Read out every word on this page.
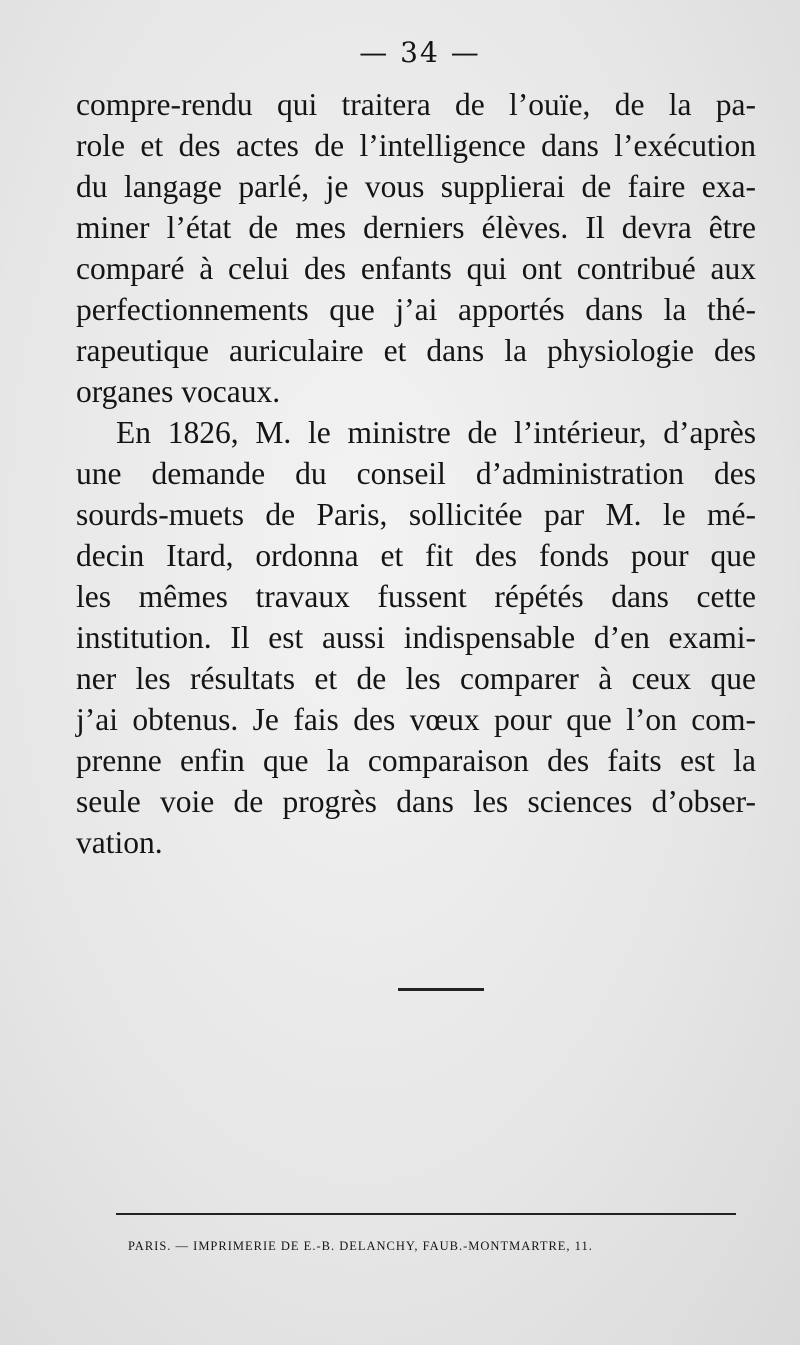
— 34 —
compre-rendu qui traitera de l’ouïe, de la pa-
role et des actes de l’intelligence dans l’exécution
du langage parlé, je vous supplierai de faire exa-
miner l’état de mes derniers élèves. Il devra être
comparé à celui des enfants qui ont contribué aux
perfectionnements que j’ai apportés dans la thé-
rapeutique auriculaire et dans la physiologie des
organes vocaux.
En 1826, M. le ministre de l’intérieur, d’après
une demande du conseil d’administration des
sourds-muets de Paris, sollicitée par M. le mé-
decin Itard, ordonna et fit des fonds pour que
les mêmes travaux fussent répétés dans cette
institution. Il est aussi indispensable d’en exami-
ner les résultats et de les comparer à ceux que
j’ai obtenus. Je fais des vœux pour que l’on com-
prenne enfin que la comparaison des faits est la
seule voie de progrès dans les sciences d’obser-
vation.
PARIS. — IMPRIMERIE DE E.-B. DELANCHY, FAUB.-MONTMARTRE, 11.
